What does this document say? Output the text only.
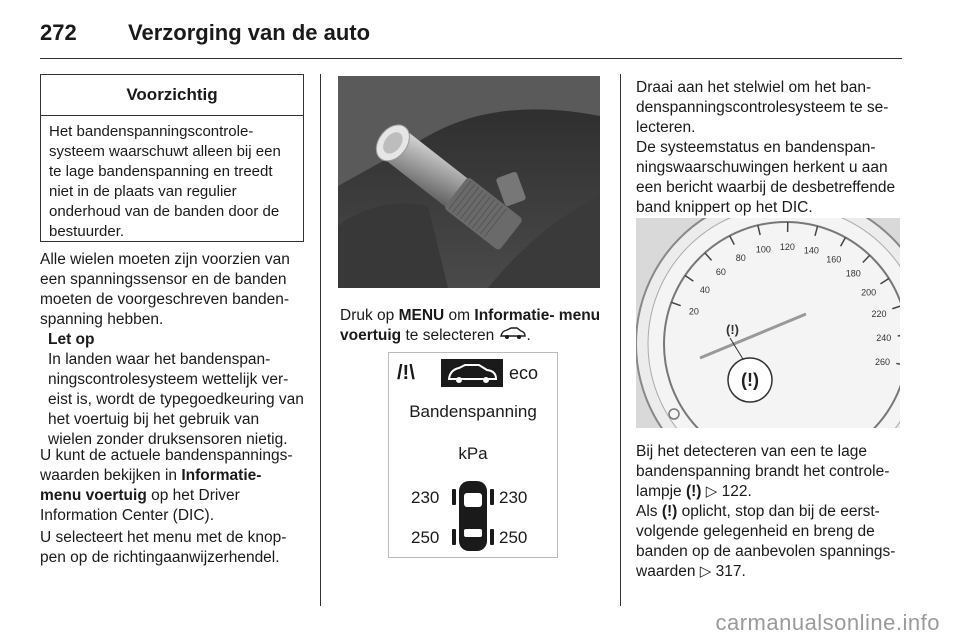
272 Verzorging van de auto
Voorzichtig
Het bandenspanningscontrole-systeem waarschuwt alleen bij een te lage bandenspanning en treedt niet in de plaats van regulier onderhoud van de banden door de bestuurder.

Alle wielen moeten zijn voorzien van een spanningssensor en de banden moeten de voorgeschreven banden-spanning hebben.

Let op
In landen waar het bandenspan-ningscontrolesysteem wettelijk ver-eist is, wordt de typegoedkeuring van het voertuig bij het gebruik van wielen zonder druksensoren nietig.

U kunt de actuele bandenspannings-waarden bekijken in Informatie- menu voertuig op het Driver Information Center (DIC).

U selecteert het menu met de knop-pen op de richtingaanwijzerhendel.

Druk op MENU om Informatie- menu voertuig te selecteren .

/!\	eco
Bandenspanning
kPa
230	230
250	250

Draai aan het stelwiel om het ban-denspanningscontrolesysteem te se-lecteren.

De systeemstatus en bandenspan-ningswaarschuwingen herkent u aan een bericht waarbij de desbetreffende band knippert op het DIC.

20
40
60
80
100 120 140
160
180
200
220
240
260
(!)
(!)

Bij het detecteren van een te lage bandenspanning brandt het controle-lampje (!) ▷ 122.

Als (!) oplicht, stop dan bij de eerst-volgende gelegenheid en breng de banden op de aanbevolen spannings-waarden ▷ 317.

carmanualsonline.info
